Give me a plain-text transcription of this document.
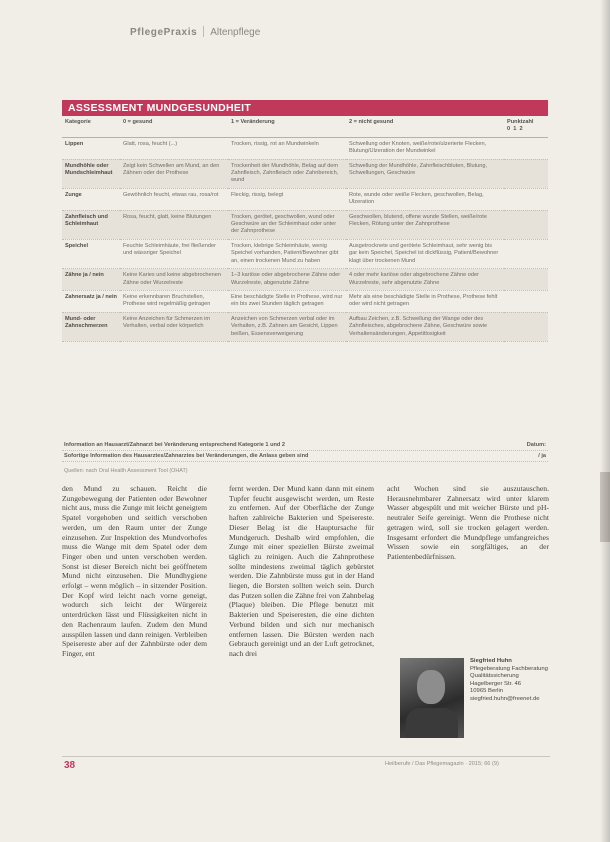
PflegePraxis Altenpflege
ASSESSMENT MUNDGESUNDHEIT
Kategorie	0 = gesund	1 = Veränderung	2 = nicht gesund	Punktzahl
0 1 2
Lippen	Glatt, rosa, feucht (...)	Trocken, rissig, rot an Mundwinkeln	Schwellung oder Knoten, weiße/rote/ulzerierte Flecken, Blutung/Ulzeration der Mundwinkel	
Mundhöhle oder Mundschleimhaut	Zeigt kein Schwellen am Mund, an den Zähnen oder der Prothese	Trockenheit der Mundhöhle, Belag auf dem Zahnfleisch, Zahnfleisch oder Zahnbereich, wund	Schwellung der Mundhöhle, Zahnfleischbluten, Blutung, Schwellungen, Geschwüre	
Zunge	Gewöhnlich feucht, etwas rau, rosa/rot	Fleckig, rissig, belegt	Rote, wunde oder weiße Flecken, geschwollen, Belag, Ulzeration	
Zahnfleisch und Schleimhaut	Rosa, feucht, glatt, keine Blutungen	Trocken, gerötet, geschwollen, wund oder Geschwüre an der Schleimhaut oder unter der Zahnprothese	Geschwollen, blutend, offene wunde Stellen, weiße/rote Flecken, Rötung unter der Zahnprothese	
Speichel	Feuchte Schleimhäute, frei fließender und wässriger Speichel	Trocken, klebrige Schleimhäute, wenig Speichel vorhanden, Patient/Bewohner gibt an, einen trockenen Mund zu haben	Ausgetrocknete und gerötete Schleimhaut, sehr wenig bis gar kein Speichel, Speichel ist dickflüssig, Patient/Bewohner klagt über trockenen Mund	
Zähne ja / nein	Keine Karies und keine abgebrochenen Zähne oder Wurzelreste	1–3 kariöse oder abgebrochene Zähne oder Wurzelreste, abgenutzte Zähne	4 oder mehr kariöse oder abgebrochene Zähne oder Wurzelreste, sehr abgenutzte Zähne	
Zahnersatz ja / nein	Keine erkennbaren Bruchstellen, Prothese wird regelmäßig getragen	Eine beschädigte Stelle in Prothese, wird nur ein bis zwei Stunden täglich getragen	Mehr als eine beschädigte Stelle in Prothese, Prothese fehlt oder wird nicht getragen	
Mund- oder Zahnschmerzen	Keine Anzeichen für Schmerzen im Verhalten, verbal oder körperlich	Anzeichen von Schmerzen verbal oder im Verhalten, z.B. Zahnen am Gesicht, Lippen beißen, Essensverweigerung	Aufbau Zeichen, z.B. Schwellung der Wange oder des Zahnfleisches, abgebrochene Zähne, Geschwüre sowie Verhaltensänderungen, Appetitlosigkeit	
Information an Hausarzt/Zahnarzt bei Veränderung entsprechend Kategorie 1 und 2	Datum:
Sofortige Information des Hausarztes/Zahnarztes bei Veränderungen, die Anlass geben sind	/ ja
Quellen: nach Oral Health Assessment Tool (OHAT)
den Mund zu schauen. Reicht die Zungebewegung der Patienten oder Bewohner nicht aus, muss die Zunge mit leicht geneigtem Spatel vorgehoben und seitlich verschoben werden, um den Raum unter der Zunge einzusehen. Zur Inspektion des Mundvorhofes muss die Wange mit dem Spatel oder dem Finger oben und unten verschoben werden. Sonst ist dieser Bereich nicht bei geöffnetem Mund nicht einzusehen. Die Mundhygiene erfolgt – wenn möglich – in sitzender Position. Der Kopf wird leicht nach vorne geneigt, wodurch sich leicht der Würgereiz unterdrücken lässt und Flüssigkeiten nicht in den Rachenraum laufen. Zudem den Mund ausspülen lassen und dann reinigen. Verbleiben Speisereste aber auf der Zahnbürste oder dem Finger, ent
fernt werden. Der Mund kann dann mit einem Tupfer feucht ausgewischt werden, um Reste zu entfernen. Auf der Oberfläche der Zunge haften zahlreiche Bakterien und Speisereste. Dieser Belag ist die Hauptursache für Mundgeruch. Deshalb wird empfohlen, die Zunge mit einer speziellen Bürste zweimal täglich zu reinigen. Auch die Zahnprothese sollte mindestens zweimal täglich gebürstet werden. Die Zahnbürste muss gut in der Hand liegen, die Borsten sollten weich sein. Durch das Putzen sollen die Zähne frei von Zahnbelag (Plaque) bleiben. Die Pflege benutzt mit Bakterien und Speiseresten, die eine dichten Verbund bilden und sich nur mechanisch entfernen lassen. Die Bürsten werden nach Gebrauch gereinigt und an der Luft getrocknet, nach drei
acht Wochen sind sie auszutauschen. Herausnehmbarer Zahnersatz wird unter klarem Wasser abgespült und mit weicher Bürste und pH-neutraler Seife gereinigt. Wenn die Prothese nicht getragen wird, soll sie trocken gelagert werden. Insgesamt erfordert die Mundpflege umfangreiches Wissen sowie ein sorgfältiges, an der Patientenbedürfnissen.
Siegfried Huhn
Pflegeberatung Fachberatung Qualitätssicherung
Hagelberger Str. 46
10965 Berlin
siegfried.huhn@freenet.de
38	Heilberufe / Das Pflegemagazin · 2015; 66 (9)
